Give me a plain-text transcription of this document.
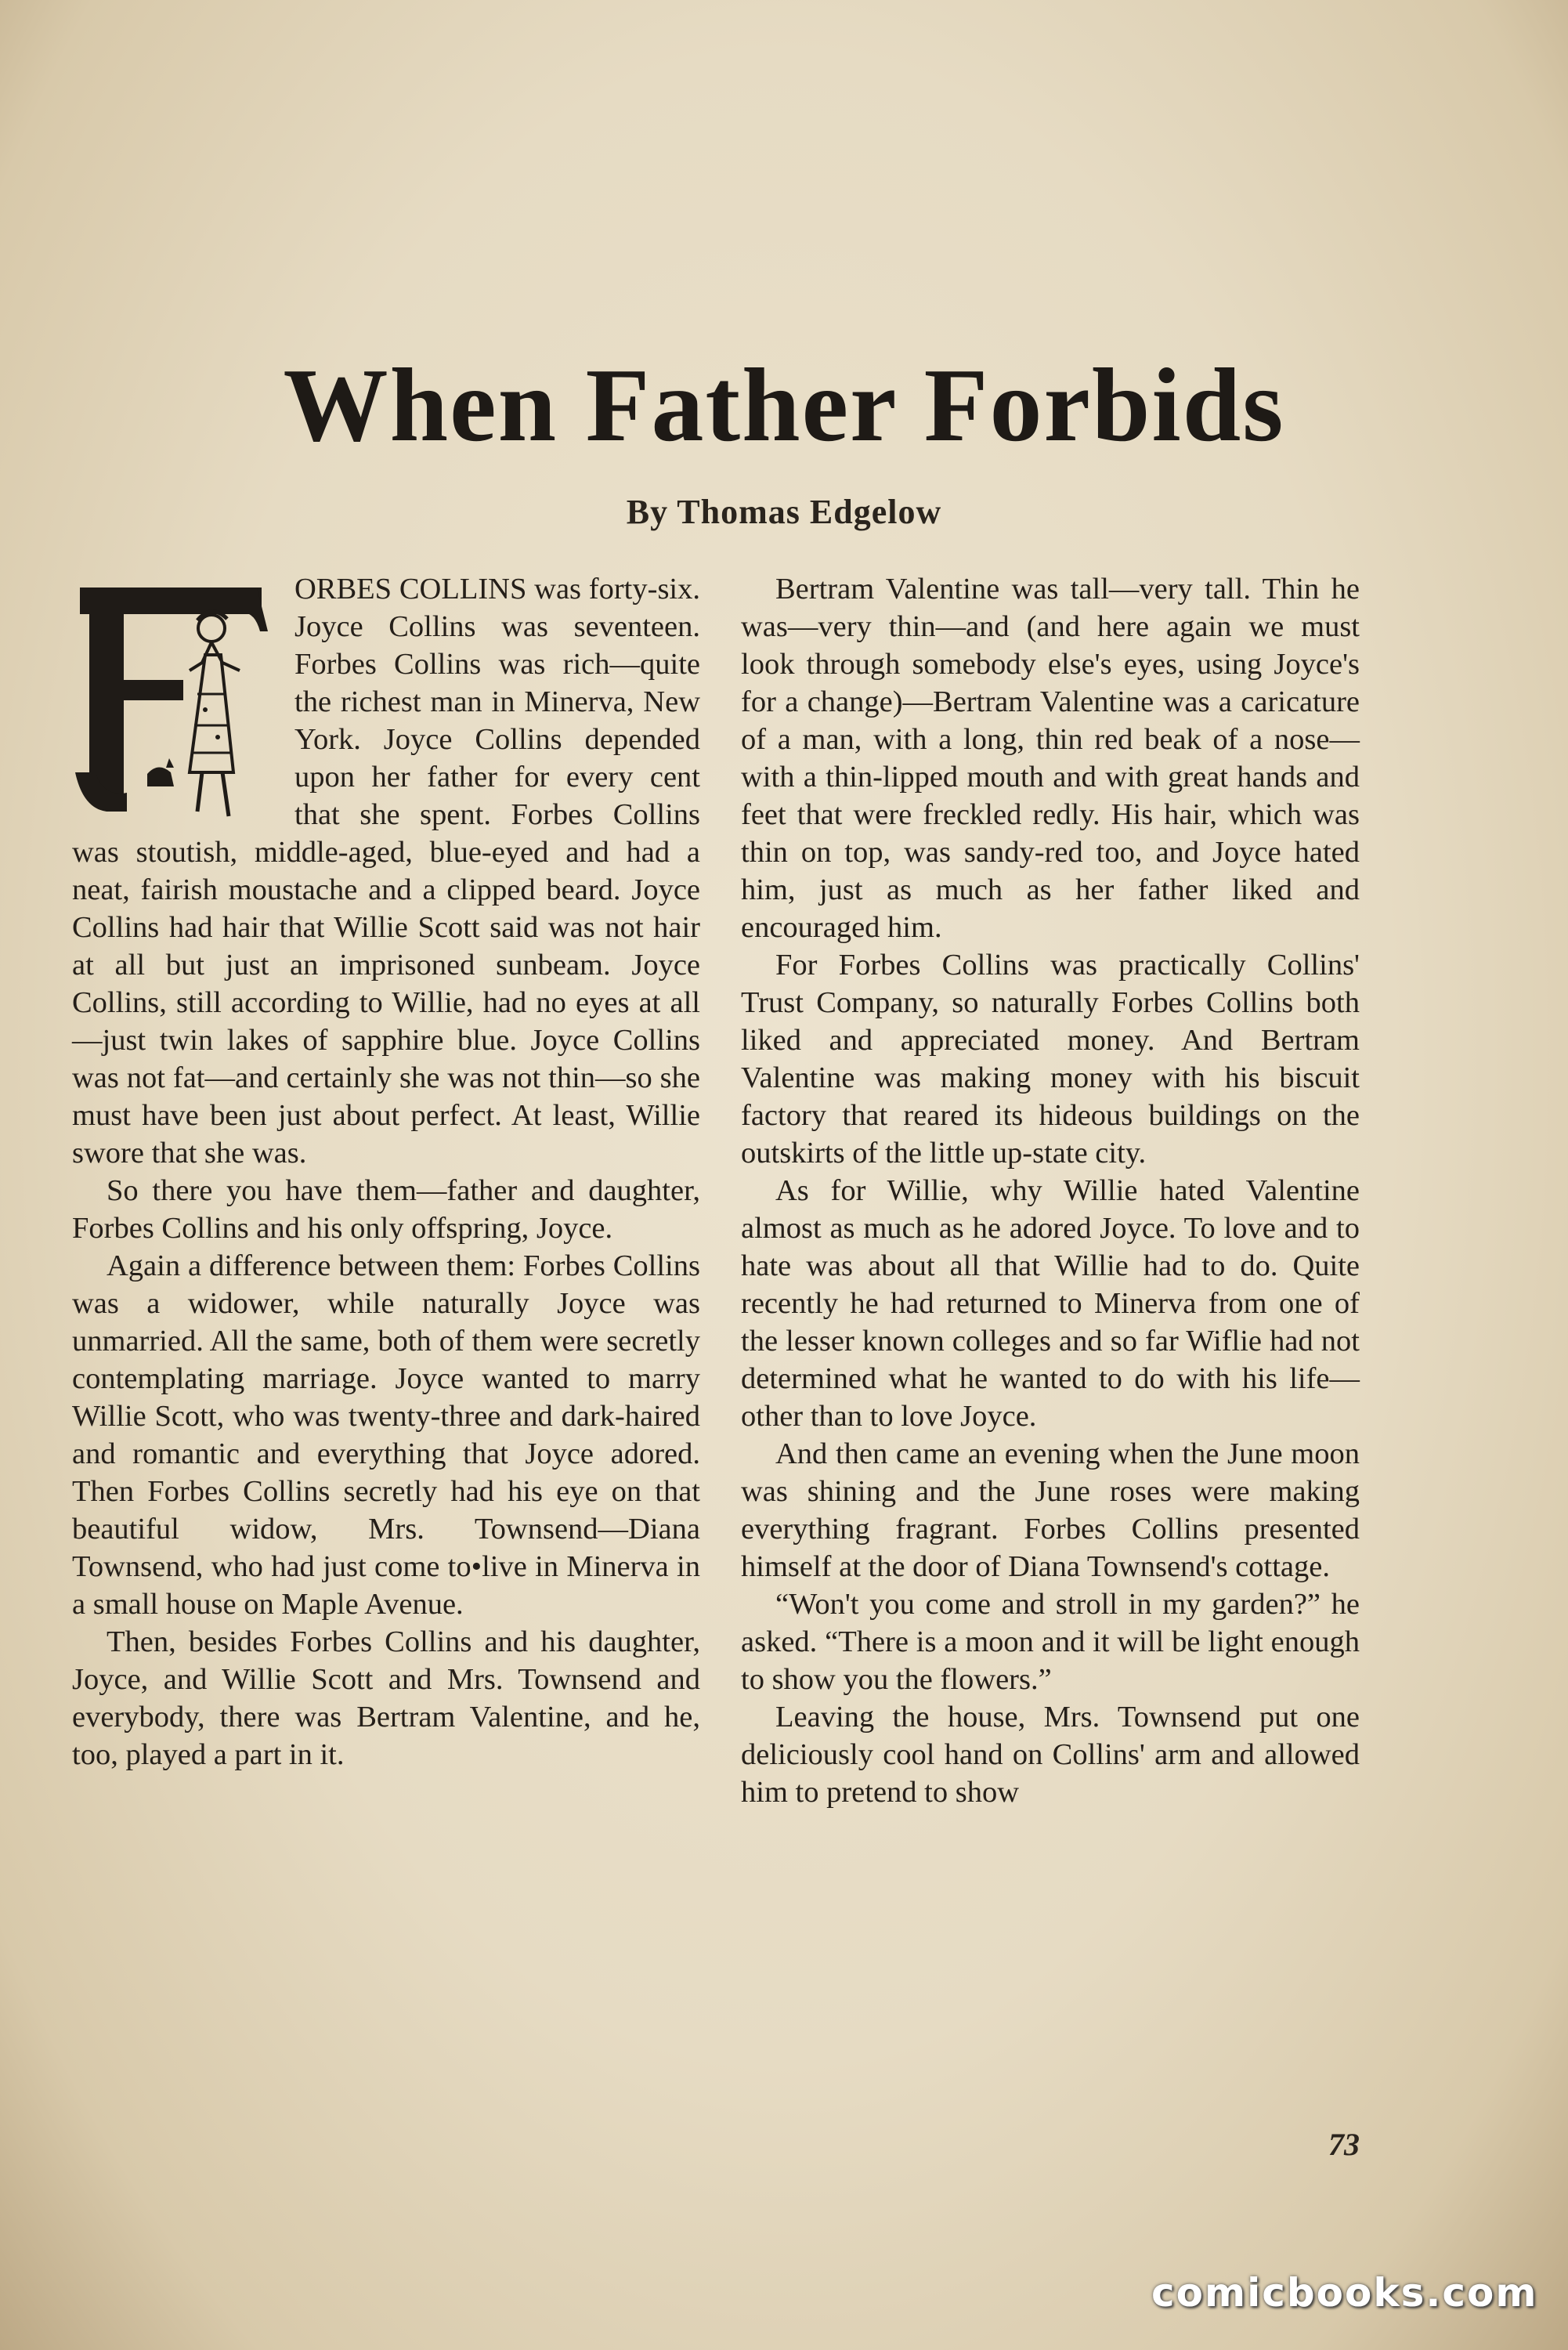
When Father Forbids
By Thomas Edgelow

ORBES COLLINS was forty-six. Joyce Collins was seventeen. Forbes Collins was rich—quite the richest man in Minerva, New York. Joyce Collins depended upon her father for every cent that she spent. Forbes Collins was stoutish, middle-aged, blue-eyed and had a neat, fairish moustache and a clipped beard. Joyce Collins had hair that Willie Scott said was not hair at all but just an imprisoned sunbeam. Joyce Collins, still according to Willie, had no eyes at all—just twin lakes of sapphire blue. Joyce Collins was not fat—and certainly she was not thin—so she must have been just about perfect. At least, Willie swore that she was.

So there you have them—father and daughter, Forbes Collins and his only offspring, Joyce.

Again a difference between them: Forbes Collins was a widower, while naturally Joyce was unmarried. All the same, both of them were secretly contemplating marriage. Joyce wanted to marry Willie Scott, who was twenty-three and dark-haired and romantic and everything that Joyce adored. Then Forbes Collins secretly had his eye on that beautiful widow, Mrs. Townsend—Diana Townsend, who had just come to•live in Minerva in a small house on Maple Avenue.

Then, besides Forbes Collins and his daughter, Joyce, and Willie Scott and Mrs. Townsend and everybody, there was Bertram Valentine, and he, too, played a part in it.

Bertram Valentine was tall—very tall. Thin he was—very thin—and (and here again we must look through somebody else's eyes, using Joyce's for a change)—Bertram Valentine was a caricature of a man, with a long, thin red beak of a nose—with a thin-lipped mouth and with great hands and feet that were freckled redly. His hair, which was thin on top, was sandy-red too, and Joyce hated him, just as much as her father liked and encouraged him.

For Forbes Collins was practically Collins' Trust Company, so naturally Forbes Collins both liked and appreciated money. And Bertram Valentine was making money with his biscuit factory that reared its hideous buildings on the outskirts of the little up-state city.

As for Willie, why Willie hated Valentine almost as much as he adored Joyce. To love and to hate was about all that Willie had to do. Quite recently he had returned to Minerva from one of the lesser known colleges and so far Wiflie had not determined what he wanted to do with his life—other than to love Joyce.

And then came an evening when the June moon was shining and the June roses were making everything fragrant. Forbes Collins presented himself at the door of Diana Townsend's cottage.

“Won't you come and stroll in my garden?” he asked. “There is a moon and it will be light enough to show you the flowers.”

Leaving the house, Mrs. Townsend put one deliciously cool hand on Collins' arm and allowed him to pretend to show

73
comicbooks.com
